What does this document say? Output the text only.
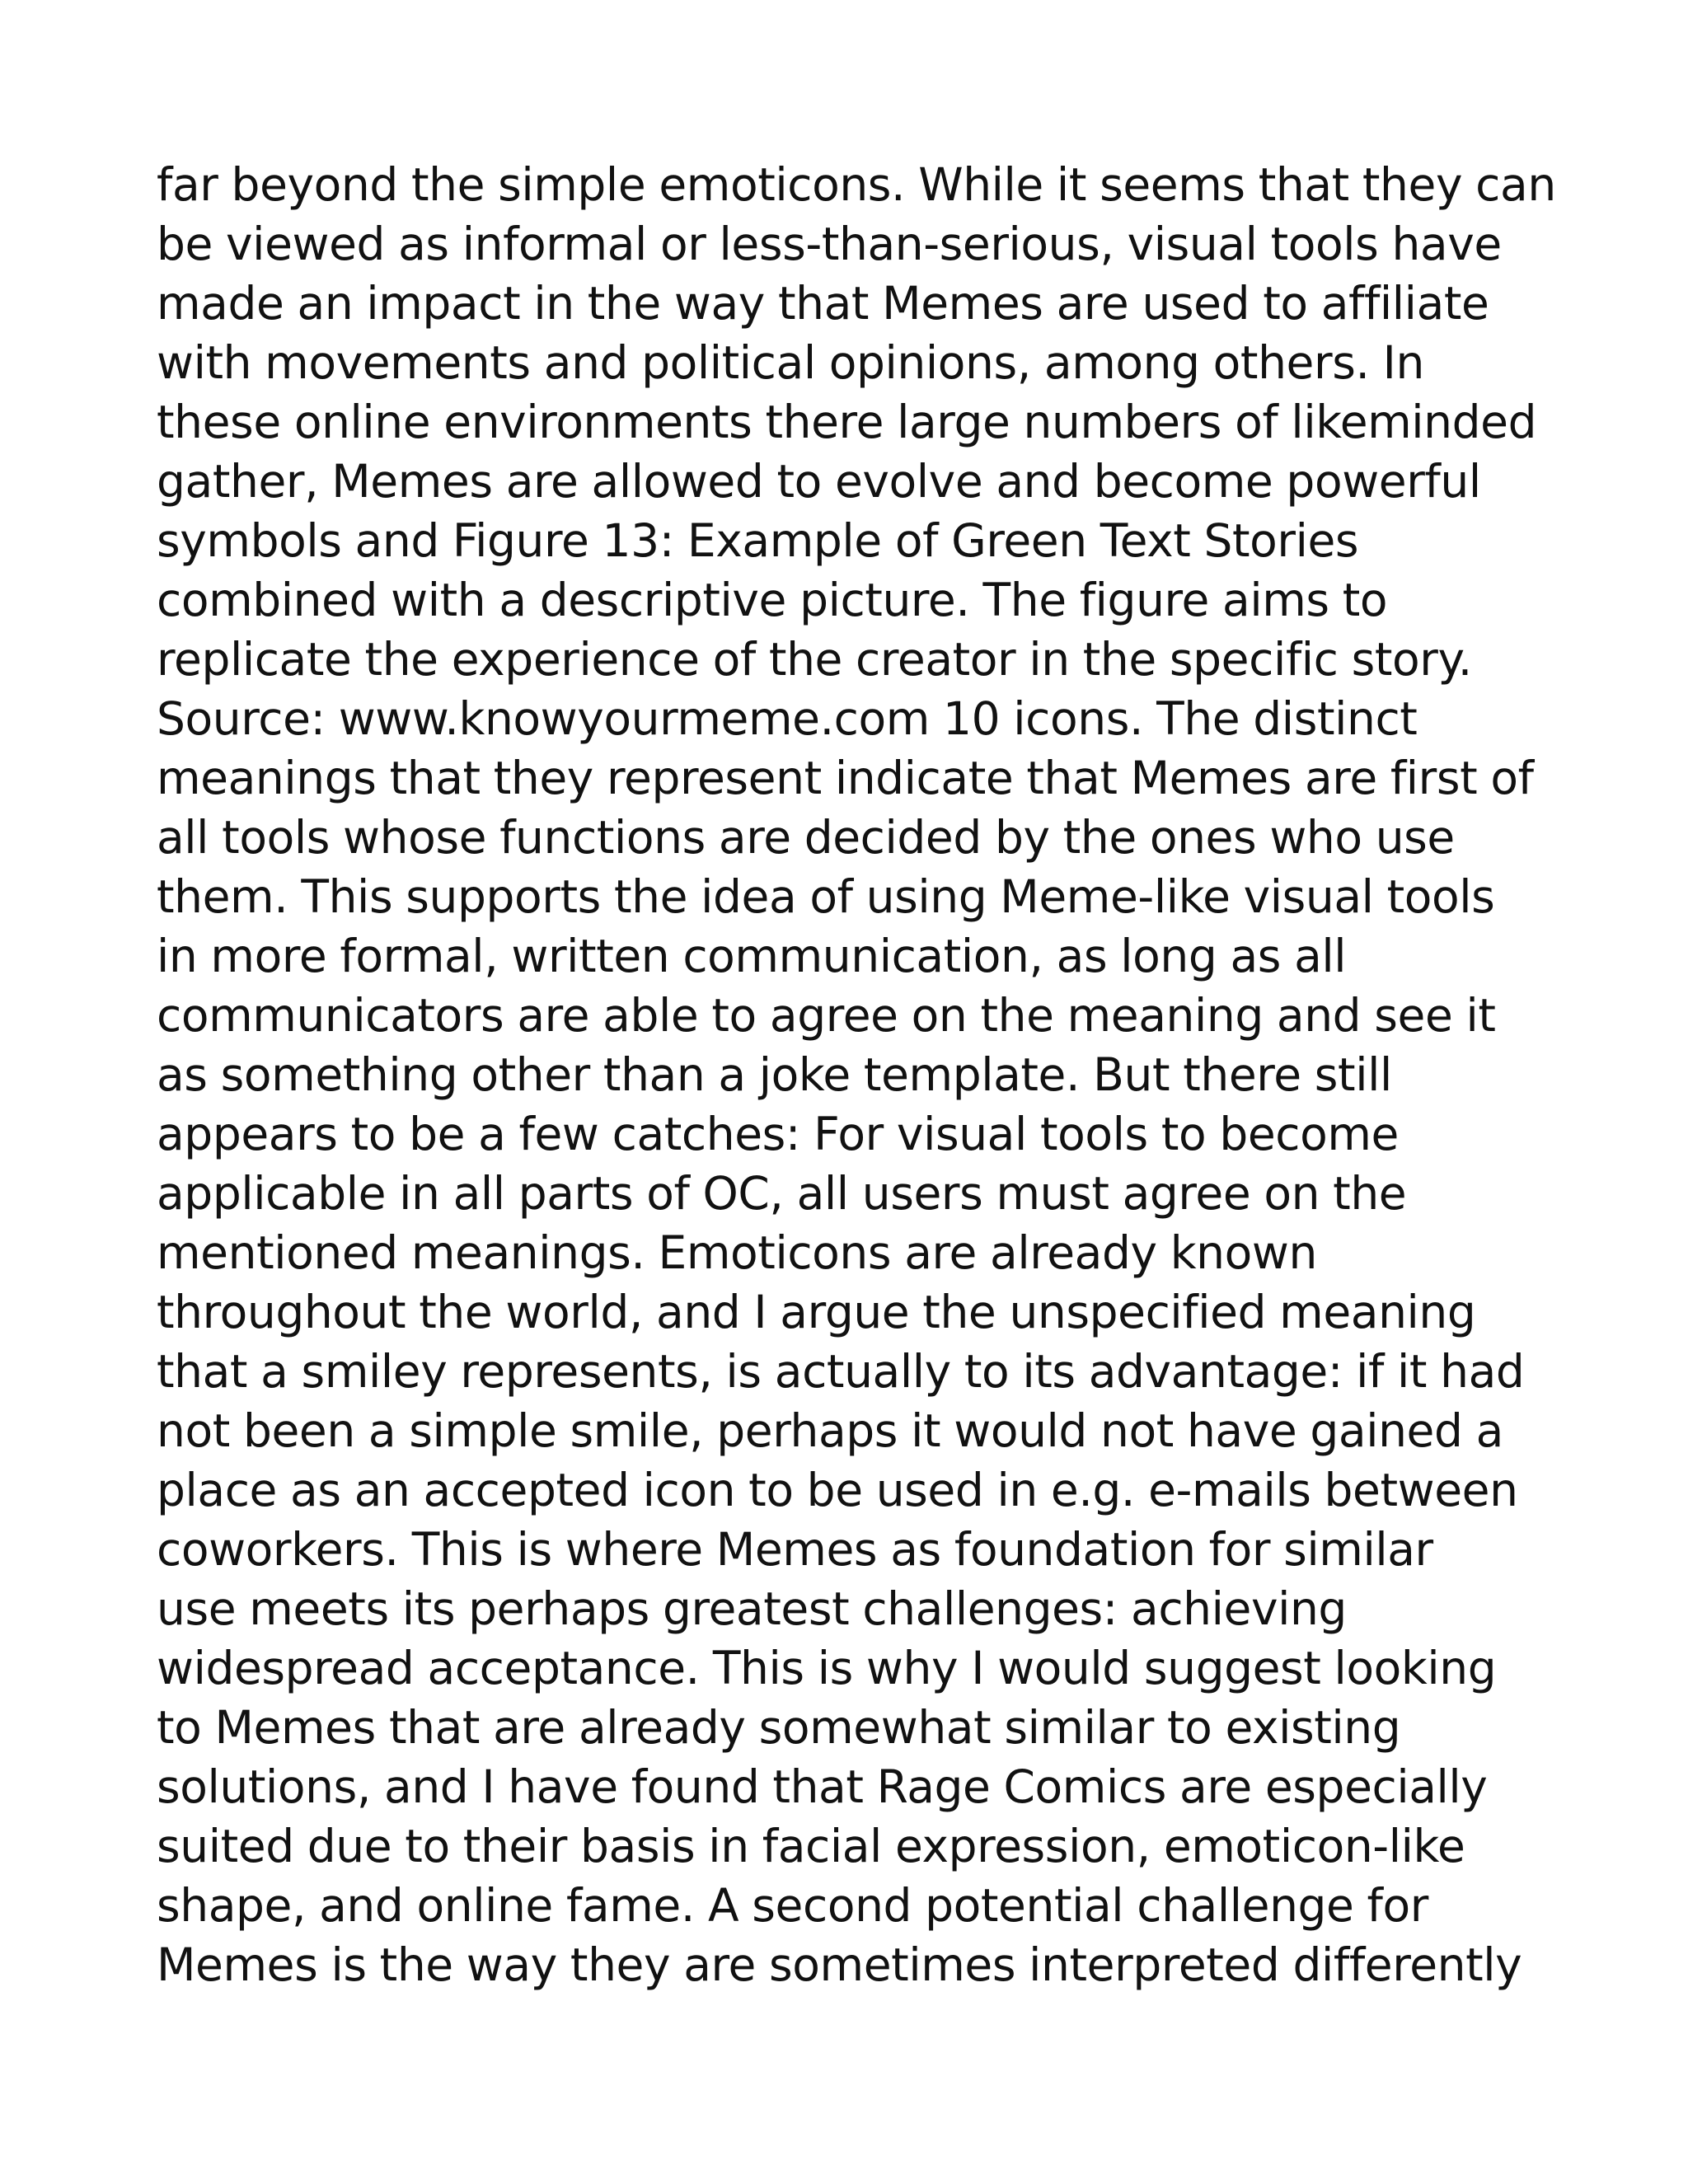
far beyond the simple emoticons. While it seems that they can
be viewed as informal or less-than-serious, visual tools have
made an impact in the way that Memes are used to affiliate
with movements and political opinions, among others. In
these online environments there large numbers of likeminded
gather, Memes are allowed to evolve and become powerful
symbols and Figure 13: Example of Green Text Stories
combined with a descriptive picture. The figure aims to
replicate the experience of the creator in the specific story.
Source: www.knowyourmeme.com 10 icons. The distinct
meanings that they represent indicate that Memes are first of
all tools whose functions are decided by the ones who use
them. This supports the idea of using Meme-like visual tools
in more formal, written communication, as long as all
communicators are able to agree on the meaning and see it
as something other than a joke template. But there still
appears to be a few catches: For visual tools to become
applicable in all parts of OC, all users must agree on the
mentioned meanings. Emoticons are already known
throughout the world, and I argue the unspecified meaning
that a smiley represents, is actually to its advantage: if it had
not been a simple smile, perhaps it would not have gained a
place as an accepted icon to be used in e.g. e-mails between
coworkers. This is where Memes as foundation for similar
use meets its perhaps greatest challenges: achieving
widespread acceptance. This is why I would suggest looking
to Memes that are already somewhat similar to existing
solutions, and I have found that Rage Comics are especially
suited due to their basis in facial expression, emoticon-like
shape, and online fame. A second potential challenge for
Memes is the way they are sometimes interpreted differently
